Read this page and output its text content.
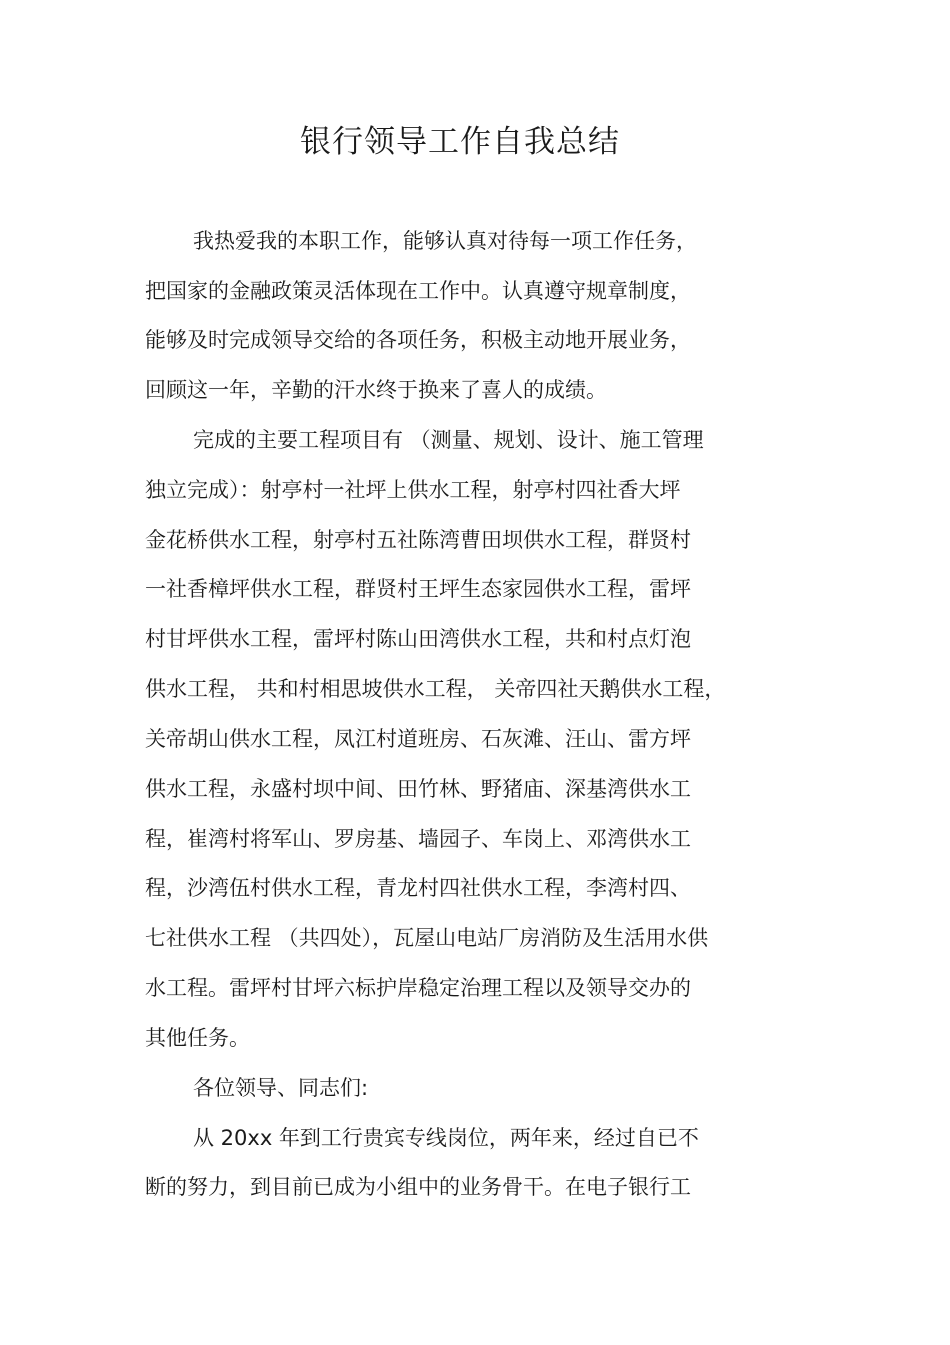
银行领导工作自我总结
我热爱我的本职工作，能够认真对待每一项工作任务，
把国家的金融政策灵活体现在工作中。认真遵守规章制度，
能够及时完成领导交给的各项任务，积极主动地开展业务，
回顾这一年，辛勤的汗水终于换来了喜人的成绩。
完成的主要工程项目有 （测量、规划、设计、施工管理
独立完成）：射亭村一社坪上供水工程，射亭村四社香大坪
金花桥供水工程，射亭村五社陈湾曹田坝供水工程，群贤村
一社香樟坪供水工程，群贤村王坪生态家园供水工程，雷坪
村甘坪供水工程，雷坪村陈山田湾供水工程，共和村点灯泡
供水工程， 共和村相思坡供水工程， 关帝四社天鹅供水工程，
关帝胡山供水工程，凤江村道班房、石灰滩、汪山、雷方坪
供水工程，永盛村坝中间、田竹林、野猪庙、深基湾供水工
程，崔湾村将军山、罗房基、墙园子、车岗上、邓湾供水工
程，沙湾伍村供水工程，青龙村四社供水工程，李湾村四、
七社供水工程 （共四处），瓦屋山电站厂房消防及生活用水供
水工程。雷坪村甘坪六标护岸稳定治理工程以及领导交办的
其他任务。
各位领导、同志们:
从 20xx 年到工行贵宾专线岗位，两年来，经过自已不
断的努力，到目前已成为小组中的业务骨干。在电子银行工
